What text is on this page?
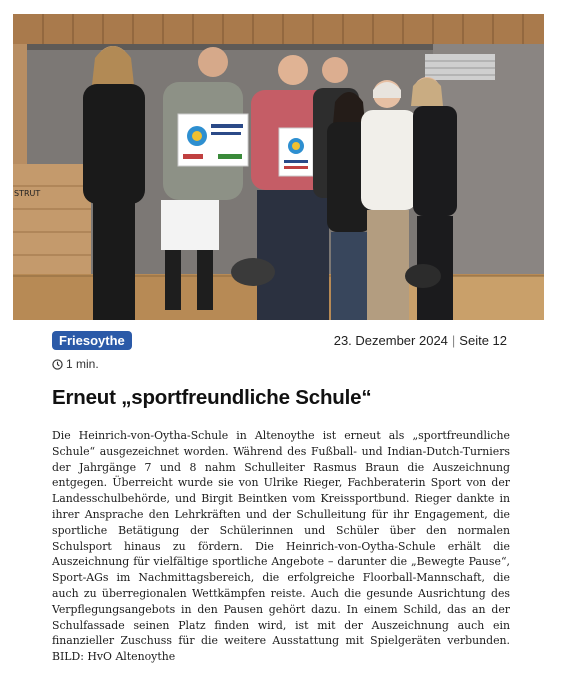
STRUT
Friesoythe	23. Dezember 2024 | Seite 12
1 min.
Erneut „sportfreundliche Schule“

Die Heinrich-von-Oytha-Schule in Altenoythe ist erneut als „sportfreundliche Schule“ ausgezeichnet worden. Während des Fußball- und Indian-Dutch-Turniers der Jahrgänge 7 und 8 nahm Schulleiter Rasmus Braun die Auszeichnung entgegen. Überreicht wurde sie von Ulrike Rieger, Fachberaterin Sport von der Landesschulbehörde, und Birgit Beintken vom Kreissportbund. Rieger dankte in ihrer Ansprache den Lehrkräften und der Schulleitung für ihr Engagement, die sportliche Betätigung der Schülerinnen und Schüler über den normalen Schulsport hinaus zu fördern. Die Heinrich-von-Oytha-Schule erhält die Auszeichnung für vielfältige sportliche Angebote – darunter die „Bewegte Pause“, Sport-AGs im Nachmittagsbereich, die erfolgreiche Floorball-Mannschaft, die auch zu überregionalen Wettkämpfen reiste. Auch die gesunde Ausrichtung des Verpflegungsangebots in den Pausen gehört dazu. In einem Schild, das an der Schulfassade seinen Platz finden wird, ist mit der Auszeichnung auch ein finanzieller Zuschuss für die weitere Ausstattung mit Spielgeräten verbunden. BILD: HvO Altenoythe
